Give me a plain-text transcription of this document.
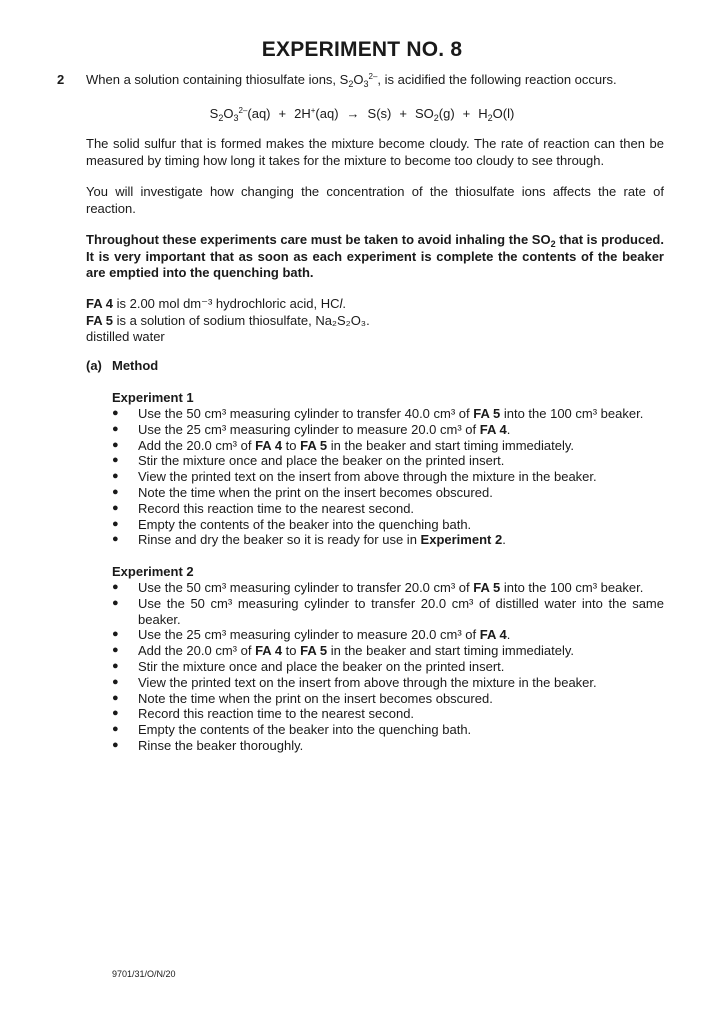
EXPERIMENT NO. 8
2 When a solution containing thiosulfate ions, $S_2O_3^{2-}$, is acidified the following reaction occurs.
$S_2O_3^{2-}(aq) + 2H^+(aq) \to S(s) + SO_2(g) + H_2O(l)$
The solid sulfur that is formed makes the mixture become cloudy. The rate of reaction can then be measured by timing how long it takes for the mixture to become too cloudy to see through.
You will investigate how changing the concentration of the thiosulfate ions affects the rate of reaction.
Throughout these experiments care must be taken to avoid inhaling the $SO_2$ that is produced. It is very important that as soon as each experiment is complete the contents of the beaker are emptied into the quenching bath.
FA 4 is 2.00 mol dm⁻³ hydrochloric acid, HCl.
FA 5 is a solution of sodium thiosulfate, Na₂S₂O₃.
distilled water
(a) Method
Experiment 1
● Use the 50 cm³ measuring cylinder to transfer 40.0 cm³ of FA 5 into the 100 cm³ beaker.
● Use the 25 cm³ measuring cylinder to measure 20.0 cm³ of FA 4.
● Add the 20.0 cm³ of FA 4 to FA 5 in the beaker and start timing immediately.
● Stir the mixture once and place the beaker on the printed insert.
● View the printed text on the insert from above through the mixture in the beaker.
● Note the time when the print on the insert becomes obscured.
● Record this reaction time to the nearest second.
● Empty the contents of the beaker into the quenching bath.
● Rinse and dry the beaker so it is ready for use in Experiment 2.
Experiment 2
● Use the 50 cm³ measuring cylinder to transfer 20.0 cm³ of FA 5 into the 100 cm³ beaker.
● Use the 50 cm³ measuring cylinder to transfer 20.0 cm³ of distilled water into the same beaker.
● Use the 25 cm³ measuring cylinder to measure 20.0 cm³ of FA 4.
● Add the 20.0 cm³ of FA 4 to FA 5 in the beaker and start timing immediately.
● Stir the mixture once and place the beaker on the printed insert.
● View the printed text on the insert from above through the mixture in the beaker.
● Note the time when the print on the insert becomes obscured.
● Record this reaction time to the nearest second.
● Empty the contents of the beaker into the quenching bath.
● Rinse the beaker thoroughly.
9701/31/O/N/20
